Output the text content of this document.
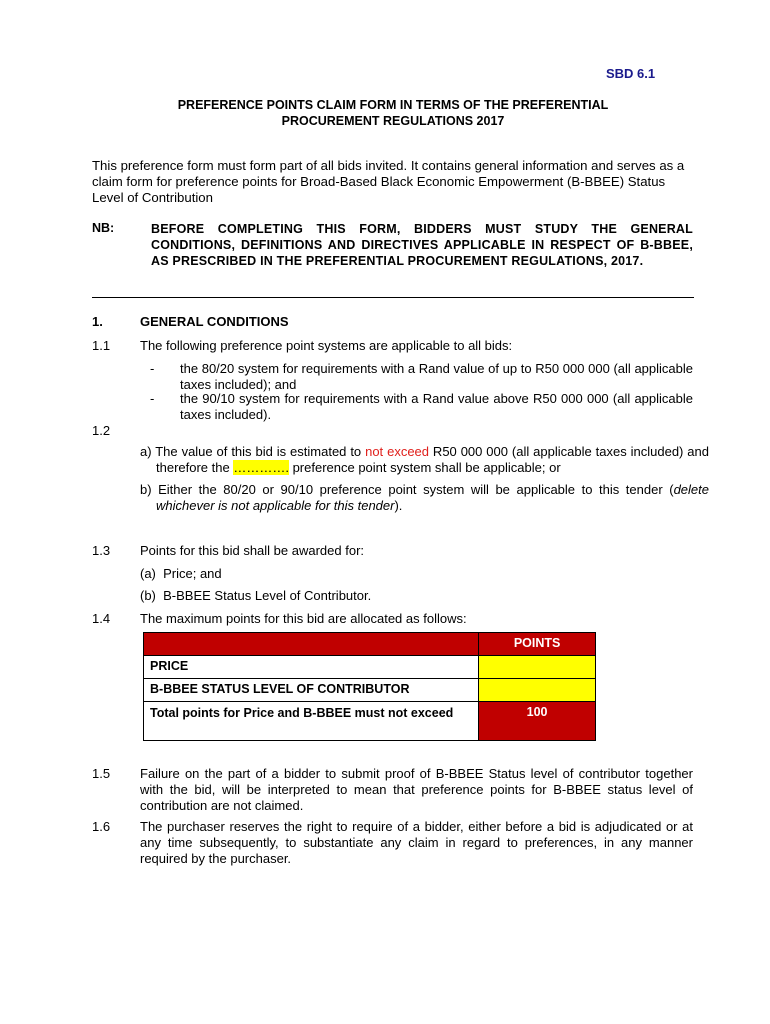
SBD 6.1
PREFERENCE POINTS CLAIM FORM IN TERMS OF THE PREFERENTIAL
PROCUREMENT REGULATIONS 2017
This preference form must form part of all bids invited. It contains general information and serves as a claim form for preference points for Broad-Based Black Economic Empowerment (B-BBEE) Status Level of Contribution
NB:	BEFORE COMPLETING THIS FORM, BIDDERS MUST STUDY THE GENERAL CONDITIONS, DEFINITIONS AND DIRECTIVES APPLICABLE IN RESPECT OF B-BBEE, AS PRESCRIBED IN THE PREFERENTIAL PROCUREMENT REGULATIONS, 2017.
1.	GENERAL CONDITIONS
1.1 The following preference point systems are applicable to all bids:
- the 80/20 system for requirements with a Rand value of up to R50 000 000 (all applicable taxes included); and
- the 90/10 system for requirements with a Rand value above R50 000 000 (all applicable taxes included).
1.2
a) The value of this bid is estimated to not exceed R50 000 000 (all applicable taxes included) and therefore the …………. preference point system shall be applicable; or
b) Either the 80/20 or 90/10 preference point system will be applicable to this tender (delete whichever is not applicable for this tender).
1.3 Points for this bid shall be awarded for:
(a)  Price; and
(b)  B-BBEE Status Level of Contributor.
1.4 The maximum points for this bid are allocated as follows:
	POINTS
PRICE	
B-BBEE STATUS LEVEL OF CONTRIBUTOR	
Total points for Price and B-BBEE must not exceed	100
1.5 Failure on the part of a bidder to submit proof of B-BBEE Status level of contributor together with the bid, will be interpreted to mean that preference points for B-BBEE status level of contribution are not claimed.
1.6 The purchaser reserves the right to require of a bidder, either before a bid is adjudicated or at any time subsequently, to substantiate any claim in regard to preferences, in any manner required by the purchaser.
